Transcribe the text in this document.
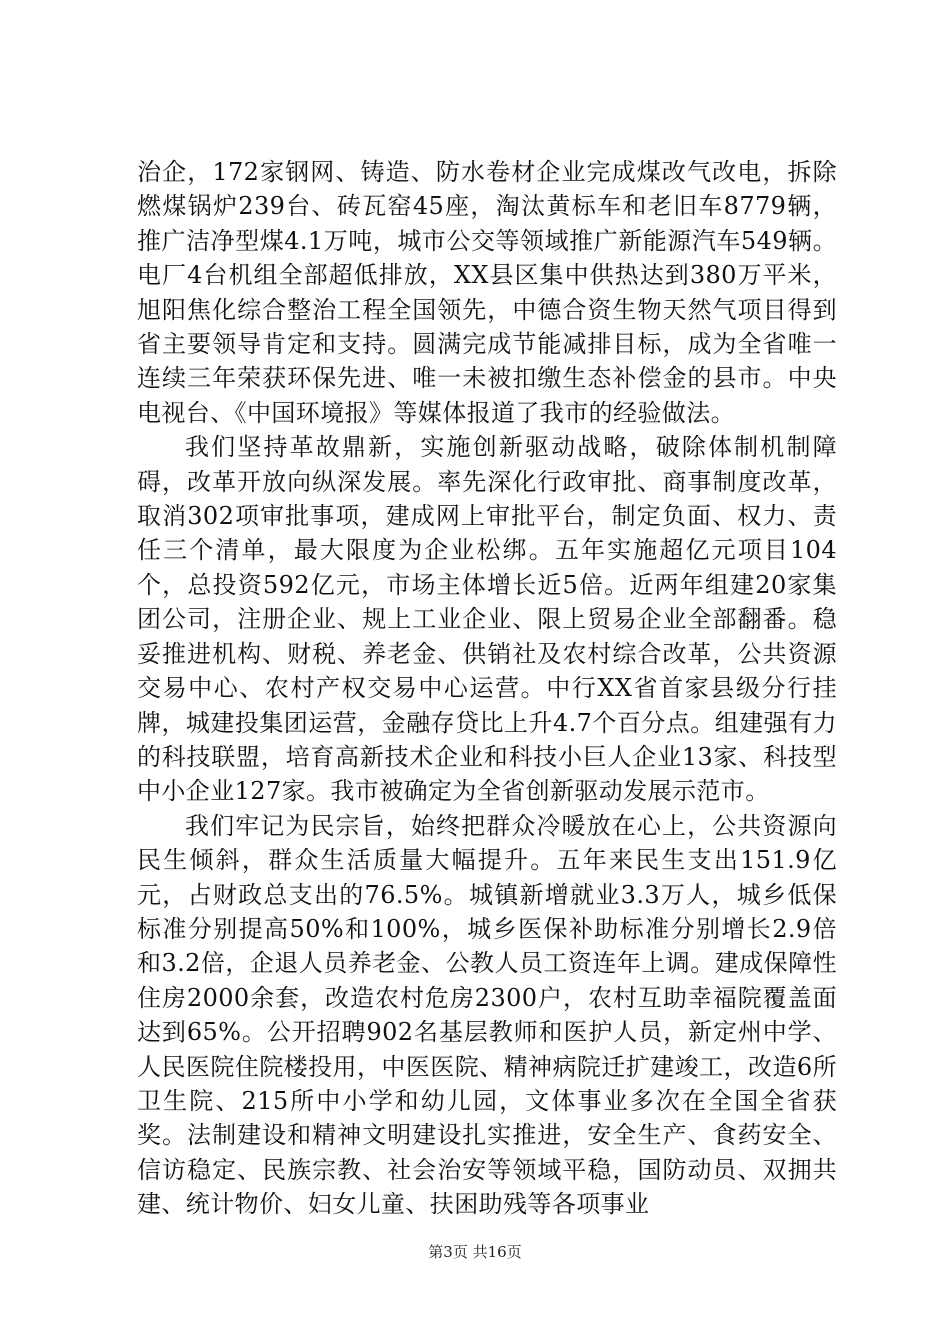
治企，172家钢网、铸造、防水卷材企业完成煤改气改电，拆除燃煤锅炉239台、砖瓦窑45座，淘汰黄标车和老旧车8779辆，推广洁净型煤4.1万吨，城市公交等领域推广新能源汽车549辆。电厂4台机组全部超低排放，XX县区集中供热达到380万平米，旭阳焦化综合整治工程全国领先，中德合资生物天然气项目得到省主要领导肯定和支持。圆满完成节能减排目标，成为全省唯一连续三年荣获环保先进、唯一未被扣缴生态补偿金的县市。中央电视台、《中国环境报》等媒体报道了我市的经验做法。

我们坚持革故鼎新，实施创新驱动战略，破除体制机制障碍，改革开放向纵深发展。率先深化行政审批、商事制度改革，取消302项审批事项，建成网上审批平台，制定负面、权力、责任三个清单，最大限度为企业松绑。五年实施超亿元项目104个，总投资592亿元，市场主体增长近5倍。近两年组建20家集团公司，注册企业、规上工业企业、限上贸易企业全部翻番。稳妥推进机构、财税、养老金、供销社及农村综合改革，公共资源交易中心、农村产权交易中心运营。中行XX省首家县级分行挂牌，城建投集团运营，金融存贷比上升4.7个百分点。组建强有力的科技联盟，培育高新技术企业和科技小巨人企业13家、科技型中小企业127家。我市被确定为全省创新驱动发展示范市。

我们牢记为民宗旨，始终把群众冷暖放在心上，公共资源向民生倾斜，群众生活质量大幅提升。五年来民生支出151.9亿元，占财政总支出的76.5%。城镇新增就业3.3万人，城乡低保标准分别提高50%和100%，城乡医保补助标准分别增长2.9倍和3.2倍，企退人员养老金、公教人员工资连年上调。建成保障性住房2000余套，改造农村危房2300户，农村互助幸福院覆盖面达到65%。公开招聘902名基层教师和医护人员，新定州中学、人民医院住院楼投用，中医医院、精神病院迁扩建竣工，改造6所卫生院、215所中小学和幼儿园，文体事业多次在全国全省获奖。法制建设和精神文明建设扎实推进，安全生产、食药安全、信访稳定、民族宗教、社会治安等领域平稳，国防动员、双拥共建、统计物价、妇女儿童、扶困助残等各项事业

第3页 共16页
